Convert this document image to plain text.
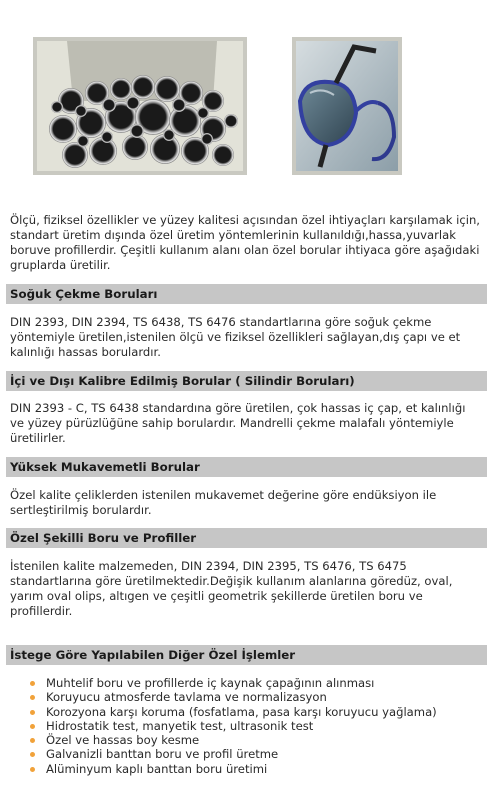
Ölçü, fiziksel özellikler ve yüzey kalitesi açısından özel ihtiyaçları karşılamak için, standart üretim dışında özel üretim yöntemlerinin kullanıldığı,hassa,yuvarlak boruve profillerdir. Çeşitli kullanım alanı olan özel borular ihtiyaca göre aşağıdaki gruplarda üretilir.

Soğuk Çekme Boruları

DIN 2393, DIN 2394, TS 6438, TS 6476 standartlarına göre soğuk çekme yöntemiyle üretilen,istenilen ölçü ve fiziksel özellikleri sağlayan,dış çapı ve et kalınlığı hassas borulardır.

İçi ve Dışı Kalibre Edilmiş Borular ( Silindir Boruları)

DIN 2393 - C, TS 6438 standardına göre üretilen, çok hassas iç çap, et kalınlığı ve yüzey pürüzlüğüne sahip borulardır. Mandrelli çekme malafalı yöntemiyle üretilirler.

Yüksek Mukavemetli Borular

Özel kalite çeliklerden istenilen mukavemet değerine göre endüksiyon ile sertleştirilmiş borulardır.

Özel Şekilli Boru ve Profiller

İstenilen kalite malzemeden, DIN 2394, DIN 2395, TS 6476, TS 6475 standartlarına göre üretilmektedir.Değişik kullanım alanlarına göredüz, oval, yarım oval olips, altıgen ve çeşitli geometrik şekillerde üretilen boru ve profillerdir.

İstege Göre Yapılabilen Diğer Özel İşlemler
Muhtelif boru ve profillerde iç kaynak çapağının alınması
Koruyucu atmosferde tavlama ve normalizasyon
Korozyona karşı koruma (fosfatlama, pasa karşı koruyucu yağlama)
Hidrostatik test, manyetik test, ultrasonik test
Özel ve hassas boy kesme
Galvanizli banttan boru ve profil üretme
Alüminyum kaplı banttan boru üretimi
